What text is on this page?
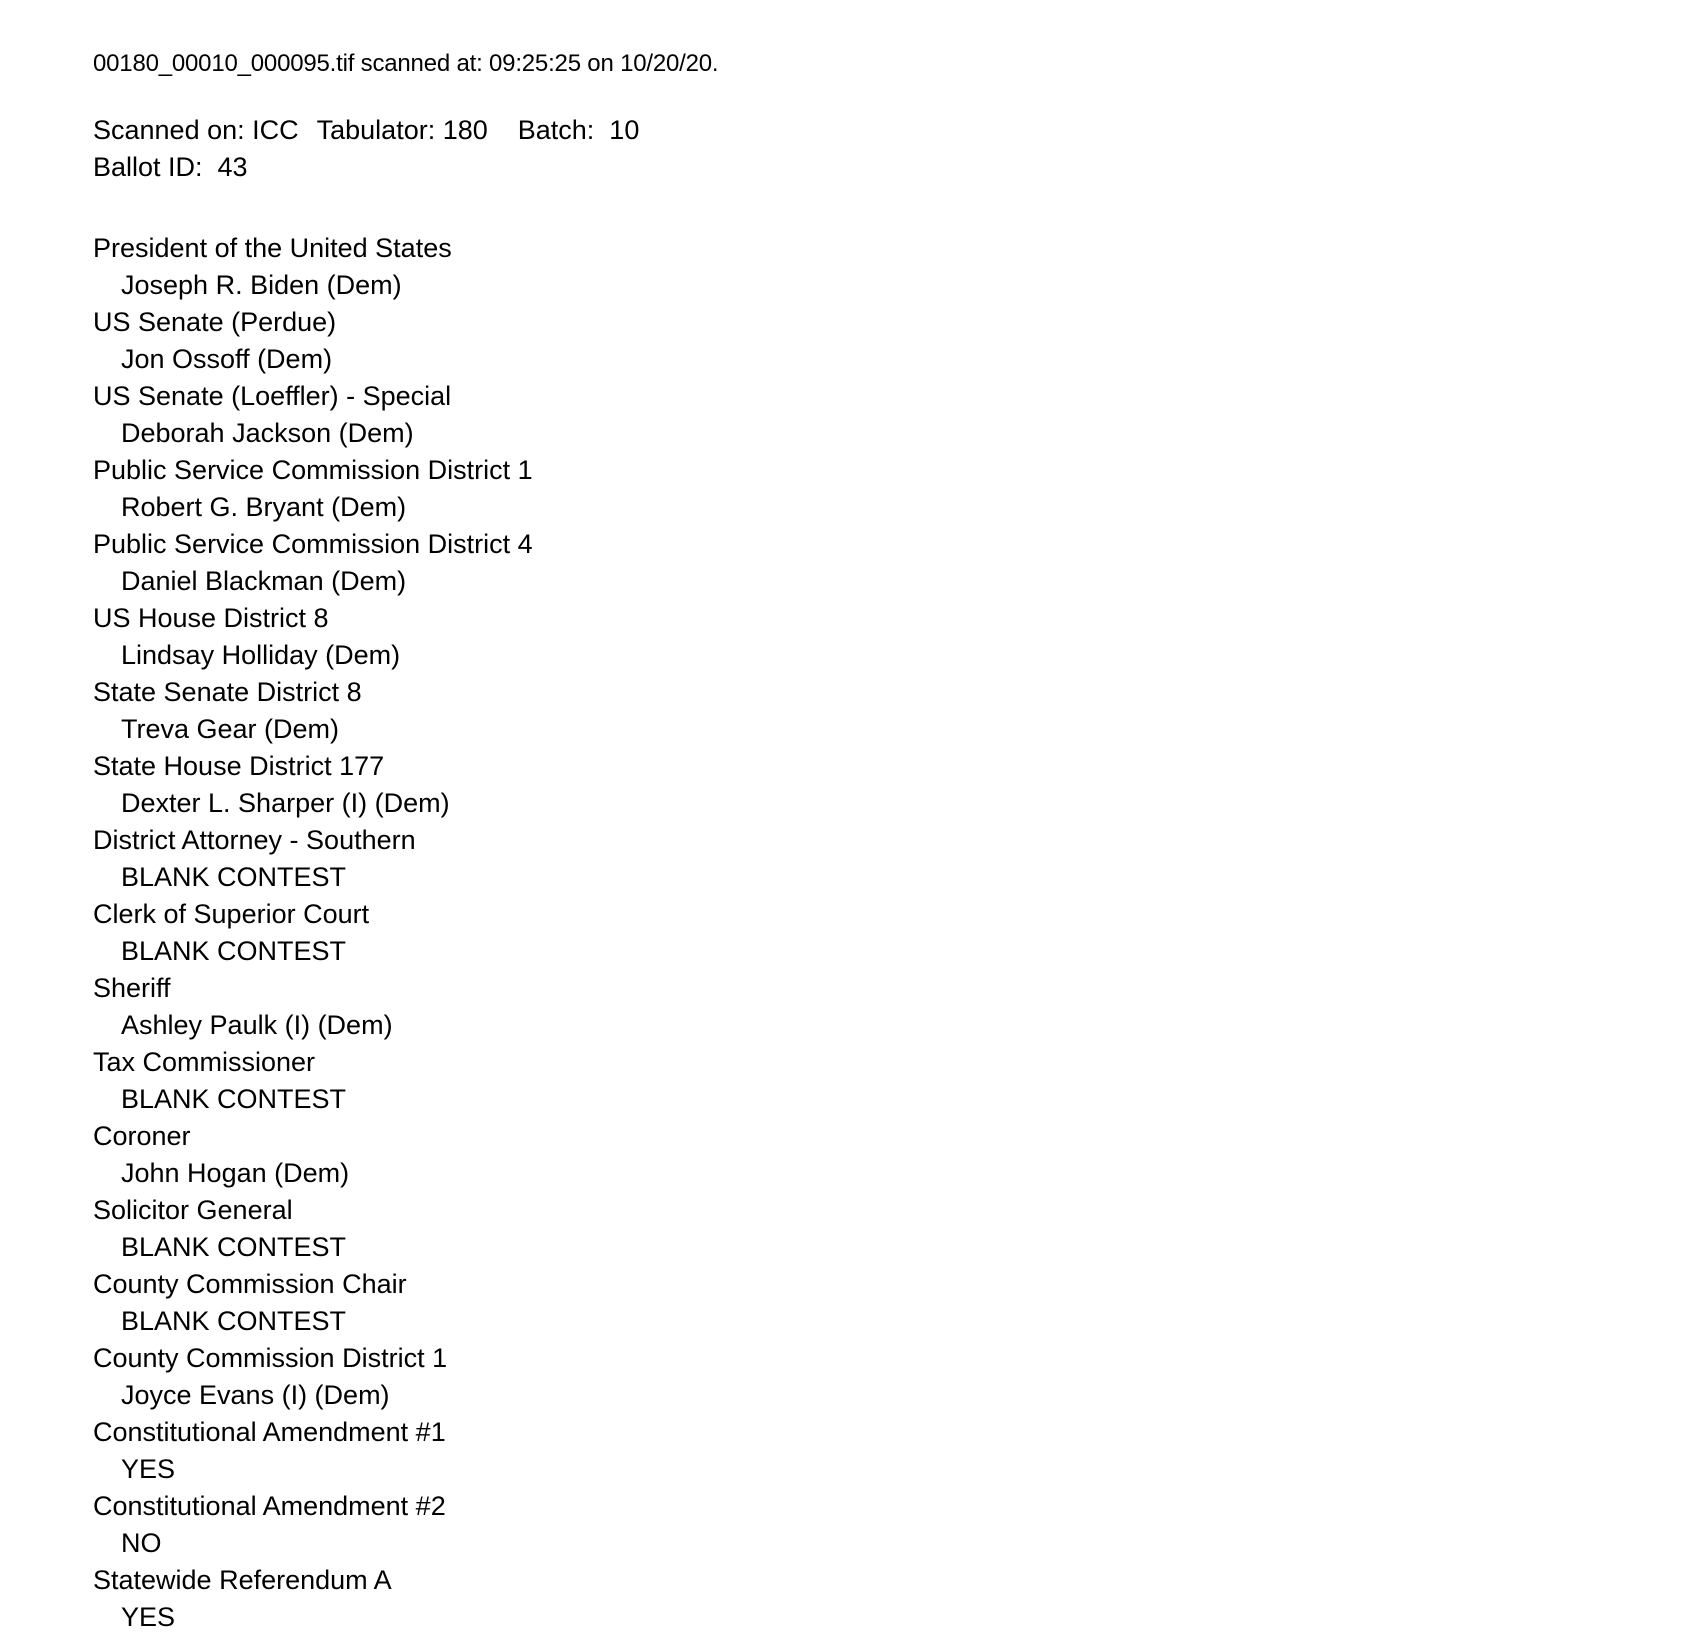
00180_00010_000095.tif scanned at: 09:25:25 on 10/20/20.
Scanned on: ICC Tabulator: 180 Batch:  10
Ballot ID:  43
President of the United States
Joseph R. Biden (Dem)
US Senate (Perdue)
Jon Ossoff (Dem)
US Senate (Loeffler) - Special
Deborah Jackson (Dem)
Public Service Commission District 1
Robert G. Bryant (Dem)
Public Service Commission District 4
Daniel Blackman (Dem)
US House District 8
Lindsay Holliday (Dem)
State Senate District 8
Treva Gear (Dem)
State House District 177
Dexter L. Sharper (I) (Dem)
District Attorney - Southern
BLANK CONTEST
Clerk of Superior Court
BLANK CONTEST
Sheriff
Ashley Paulk (I) (Dem)
Tax Commissioner
BLANK CONTEST
Coroner
John Hogan (Dem)
Solicitor General
BLANK CONTEST
County Commission Chair
BLANK CONTEST
County Commission District 1
Joyce Evans (I) (Dem)
Constitutional Amendment #1
YES
Constitutional Amendment #2
NO
Statewide Referendum A
YES
